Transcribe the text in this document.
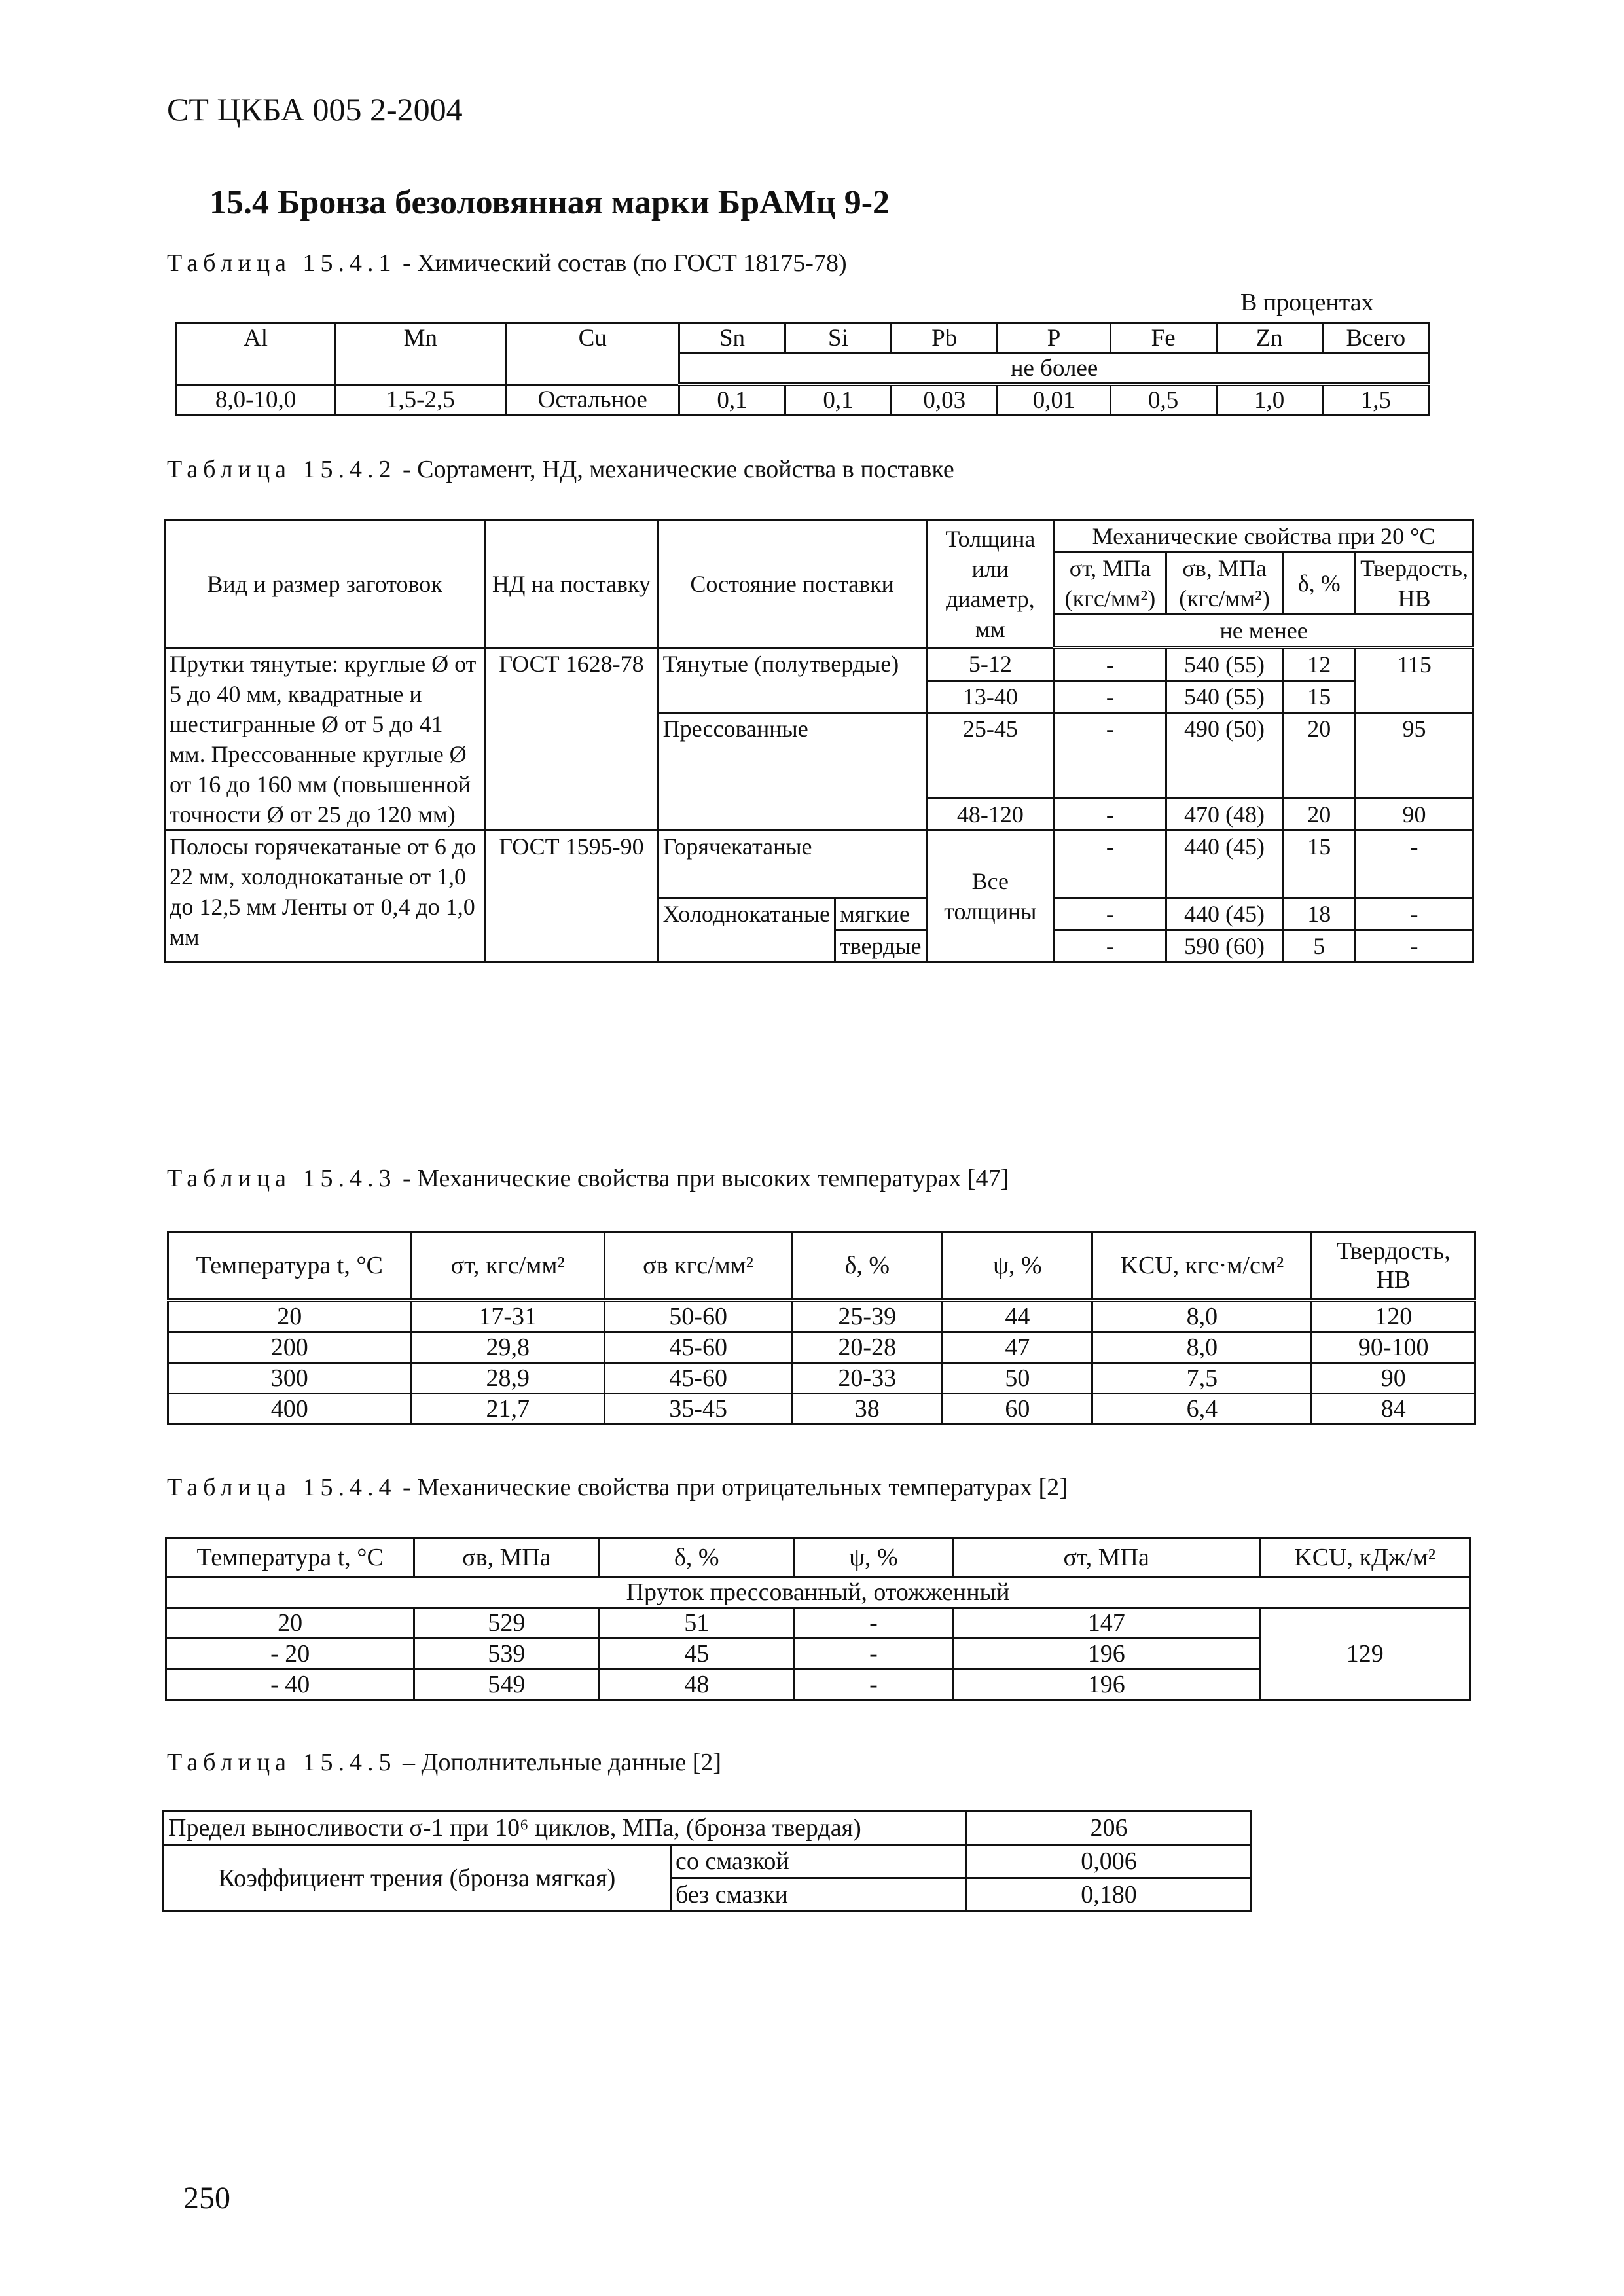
СТ ЦКБА 005 2-2004
15.4 Бронза безоловянная марки БрАМц 9-2
Таблица 15.4.1 - Химический состав (по ГОСТ 18175-78)
В процентах
Al	Mn	Cu	Sn	Si	Pb	P	Fe	Zn	Всего
			не более						
8,0-10,0	1,5-2,5	Остальное	0,1	0,1	0,03	0,01	0,5	1,0	1,5
Таблица 15.4.2 - Сортамент, НД, механические свойства в поставке
Вид и размер заготовок	НД на поставку	Состояние поставки		Толщина или диаметр, мм	Механические свойства при 20 °С			
					σт, МПа (кгс/мм²)	σв, МПа (кгс/мм²)	δ, %	Твердость, НВ
					не менее			
Прутки тянутые: круглые Ø от 5 до 40 мм, квадратные и шестигранные Ø от 5 до 41 мм. Прессованные круглые Ø от 16 до 160 мм (повышенной точности Ø от 25 до 120 мм)	ГОСТ 1628-78	Тянутые (полутвердые)		5-12	-	540 (55)	12	115
				13-40	-	540 (55)	15	
		Прессованные		25-45	-	490 (50)	20	95
				48-120	-	470 (48)	20	90
Полосы горячекатаные от 6 до 22 мм, холоднокатаные от 1,0 до 12,5 мм Ленты от 0,4 до 1,0 мм	ГОСТ 1595-90	Горячекатаные		Все толщины	-	440 (45)	15	-
		Холоднокатаные	мягкие		-	440 (45)	18	-
			твердые		-	590 (60)	5	-
Таблица 15.4.3 - Механические свойства при высоких температурах [47]
Температура t, °С	σт, кгс/мм²	σв кгс/мм²	δ, %	ψ, %	KCU, кгс·м/см²	Твердость, НВ
20	17-31	50-60	25-39	44	8,0	120
200	29,8	45-60	20-28	47	8,0	90-100
300	28,9	45-60	20-33	50	7,5	90
400	21,7	35-45	38	60	6,4	84
Таблица 15.4.4 - Механические свойства при отрицательных температурах [2]
Температура t, °С	σв, МПа	δ, %	ψ, %	σт, МПа	KCU, кДж/м²
Пруток прессованный, отожженный					
20	529	51	-	147	129
- 20	539	45	-	196	
- 40	549	48	-	196	
Таблица 15.4.5 – Дополнительные данные [2]
Предел выносливости σ-1 при 10⁶ циклов, МПа, (бронза твердая)		206
Коэффициент трения (бронза мягкая)	со смазкой	0,006
	без смазки	0,180
250
